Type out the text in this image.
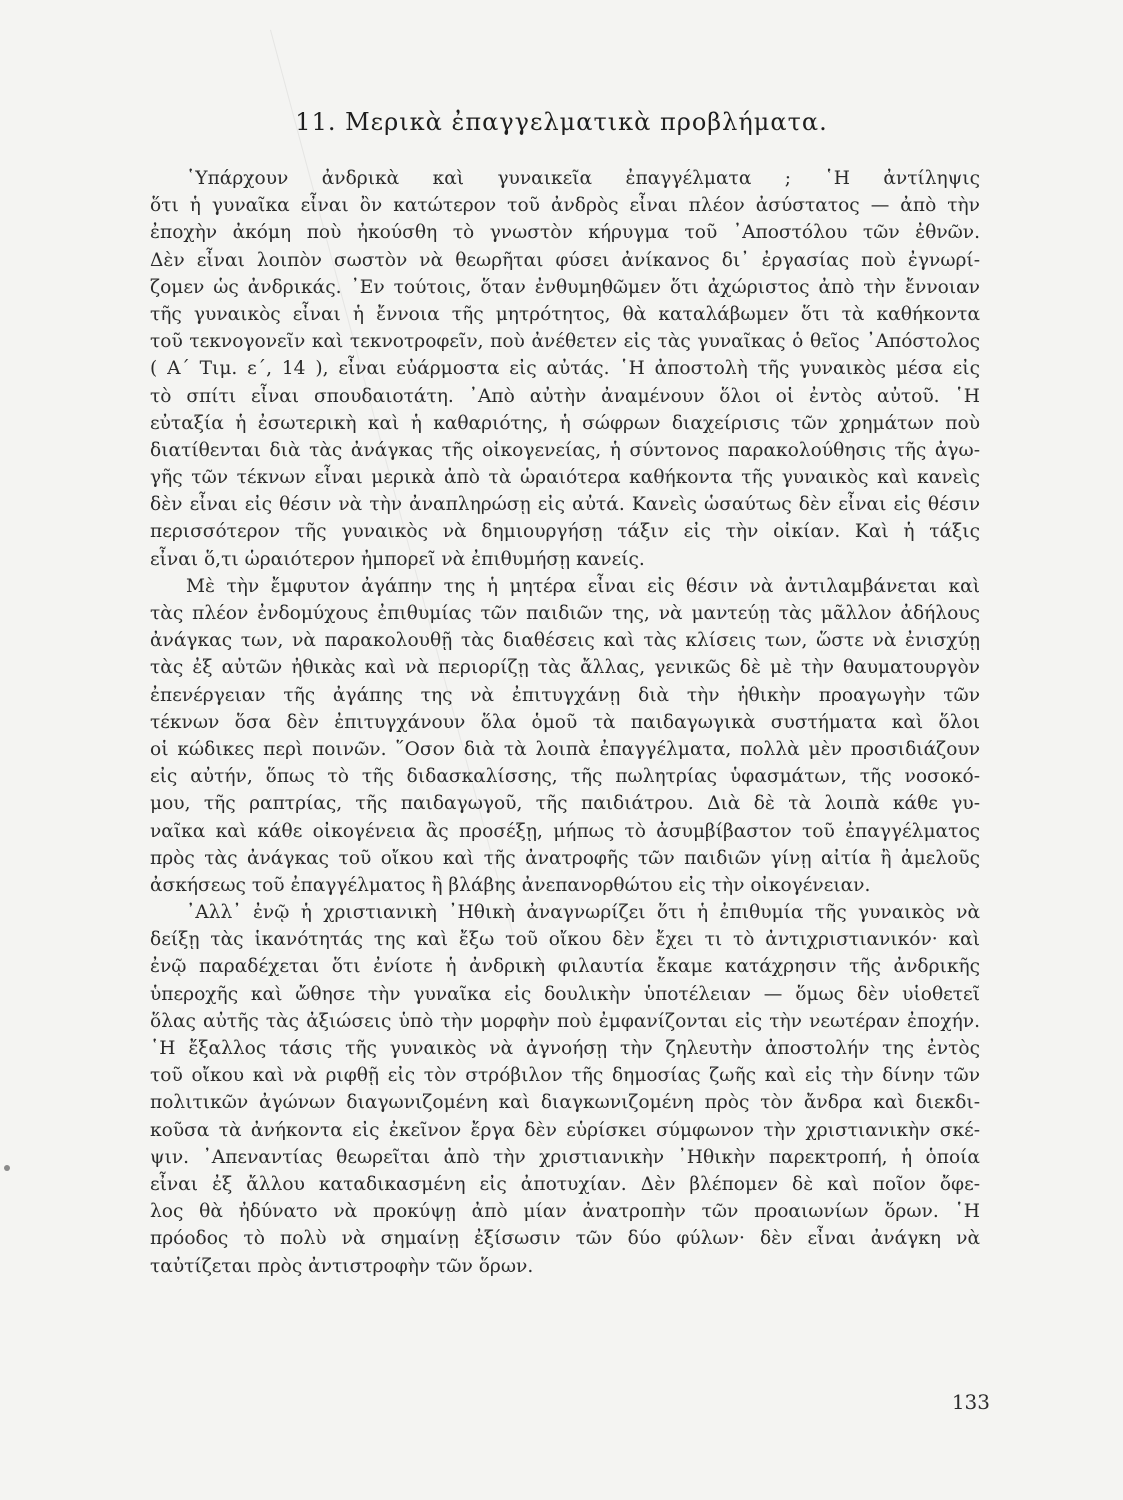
11. Μερικὰ ἐπαγγελματικὰ προβλήματα.
῾Υπάρχουν ἀνδρικὰ καὶ γυναικεῖα ἐπαγγέλματα ; ῾Η ἀντίληψις
ὅτι ἡ γυναῖκα εἶναι ὂν κατώτερον τοῦ ἀνδρὸς εἶναι πλέον ἀσύστατος — ἀπὸ τὴν
ἐποχὴν ἀκόμη ποὺ ἠκούσθη τὸ γνωστὸν κήρυγμα τοῦ ᾿Αποστόλου τῶν ἐθνῶν.
Δὲν εἶναι λοιπὸν σωστὸν νὰ θεωρῆται φύσει ἀνίκανος δι᾿ ἐργασίας ποὺ ἐγνωρί-
ζομεν ὡς ἀνδρικάς. ᾿Εν τούτοις, ὅταν ἐνθυμηθῶμεν ὅτι ἀχώριστος ἀπὸ τὴν ἔννοιαν
τῆς γυναικὸς εἶναι ἡ ἔννοια τῆς μητρότητος, θὰ καταλάβωμεν ὅτι τὰ καθήκοντα
τοῦ τεκνογονεῖν καὶ τεκνοτροφεῖν, ποὺ ἀνέθετεν εἰς τὰς γυναῖκας ὁ θεῖος ᾿Απόστολος
( Α´ Τιμ. ε´, 14 ), εἶναι εὐάρμοστα εἰς αὐτάς. ῾Η ἀποστολὴ τῆς γυναικὸς μέσα εἰς
τὸ σπίτι εἶναι σπουδαιοτάτη. ᾿Απὸ αὐτὴν ἀναμένουν ὅλοι οἱ ἐντὸς αὐτοῦ. ῾Η
εὐταξία ἡ ἐσωτερικὴ καὶ ἡ καθαριότης, ἡ σώφρων διαχείρισις τῶν χρημάτων ποὺ
διατίθενται διὰ τὰς ἀνάγκας τῆς οἰκογενείας, ἡ σύντονος παρακολούθησις τῆς ἀγω-
γῆς τῶν τέκνων εἶναι μερικὰ ἀπὸ τὰ ὡραιότερα καθήκοντα τῆς γυναικὸς καὶ κανεὶς
δὲν εἶναι εἰς θέσιν νὰ τὴν ἀναπληρώσῃ εἰς αὐτά. Κανεὶς ὡσαύτως δὲν εἶναι εἰς θέσιν
περισσότερον τῆς γυναικὸς νὰ δημιουργήσῃ τάξιν εἰς τὴν οἰκίαν. Καὶ ἡ τάξις
εἶναι ὅ,τι ὡραιότερον ἠμπορεῖ νὰ ἐπιθυμήσῃ κανείς.
Μὲ τὴν ἔμφυτον ἀγάπην της ἡ μητέρα εἶναι εἰς θέσιν νὰ ἀντιλαμβάνεται καὶ
τὰς πλέον ἐνδομύχους ἐπιθυμίας τῶν παιδιῶν της, νὰ μαντεύῃ τὰς μᾶλλον ἀδήλους
ἀνάγκας των, νὰ παρακολουθῇ τὰς διαθέσεις καὶ τὰς κλίσεις των, ὥστε νὰ ἐνισχύῃ
τὰς ἐξ αὐτῶν ἠθικὰς καὶ νὰ περιορίζῃ τὰς ἄλλας, γενικῶς δὲ μὲ τὴν θαυματουργὸν
ἐπενέργειαν τῆς ἀγάπης της νὰ ἐπιτυγχάνῃ διὰ τὴν ἠθικὴν προαγωγὴν τῶν
τέκνων ὅσα δὲν ἐπιτυγχάνουν ὅλα ὁμοῦ τὰ παιδαγωγικὰ συστήματα καὶ ὅλοι
οἱ κώδικες περὶ ποινῶν. ῞Οσον διὰ τὰ λοιπὰ ἐπαγγέλματα, πολλὰ μὲν προσιδιάζουν
εἰς αὐτήν, ὅπως τὸ τῆς διδασκαλίσσης, τῆς πωλητρίας ὑφασμάτων, τῆς νοσοκό-
μου, τῆς ραπτρίας, τῆς παιδαγωγοῦ, τῆς παιδιάτρου. Διὰ δὲ τὰ λοιπὰ κάθε γυ-
ναῖκα καὶ κάθε οἰκογένεια ἂς προσέξῃ, μήπως τὸ ἀσυμβίβαστον τοῦ ἐπαγγέλματος
πρὸς τὰς ἀνάγκας τοῦ οἴκου καὶ τῆς ἀνατροφῆς τῶν παιδιῶν γίνῃ αἰτία ἢ ἀμελοῦς
ἀσκήσεως τοῦ ἐπαγγέλματος ἢ βλάβης ἀνεπανορθώτου εἰς τὴν οἰκογένειαν.
᾿Αλλ᾿ ἐνῷ ἡ χριστιανικὴ ᾿Ηθικὴ ἀναγνωρίζει ὅτι ἡ ἐπιθυμία τῆς γυναικὸς νὰ
δείξῃ τὰς ἱκανότητάς της καὶ ἔξω τοῦ οἴκου δὲν ἔχει τι τὸ ἀντιχριστιανικόν· καὶ
ἐνῷ παραδέχεται ὅτι ἐνίοτε ἡ ἀνδρικὴ φιλαυτία ἔκαμε κατάχρησιν τῆς ἀνδρικῆς
ὑπεροχῆς καὶ ὤθησε τὴν γυναῖκα εἰς δουλικὴν ὑποτέλειαν — ὅμως δὲν υἱοθετεῖ
ὅλας αὐτῆς τὰς ἀξιώσεις ὑπὸ τὴν μορφὴν ποὺ ἐμφανίζονται εἰς τὴν νεωτέραν ἐποχήν.
῾Η ἔξαλλος τάσις τῆς γυναικὸς νὰ ἀγνοήσῃ τὴν ζηλευτὴν ἀποστολήν της ἐντὸς
τοῦ οἴκου καὶ νὰ ριφθῇ εἰς τὸν στρόβιλον τῆς δημοσίας ζωῆς καὶ εἰς τὴν δίνην τῶν
πολιτικῶν ἀγώνων διαγωνιζομένη καὶ διαγκωνιζομένη πρὸς τὸν ἄνδρα καὶ διεκδι-
κοῦσα τὰ ἀνήκοντα εἰς ἐκεῖνον ἔργα δὲν εὑρίσκει σύμφωνον τὴν χριστιανικὴν σκέ-
ψιν. ᾿Απεναντίας θεωρεῖται ἀπὸ τὴν χριστιανικὴν ᾿Ηθικὴν παρεκτροπή, ἡ ὁποία
εἶναι ἐξ ἄλλου καταδικασμένη εἰς ἀποτυχίαν. Δὲν βλέπομεν δὲ καὶ ποῖον ὄφε-
λος θὰ ἠδύνατο νὰ προκύψῃ ἀπὸ μίαν ἀνατροπὴν τῶν προαιωνίων ὅρων. ῾Η
πρόοδος τὸ πολὺ νὰ σημαίνῃ ἐξίσωσιν τῶν δύο φύλων· δὲν εἶναι ἀνάγκη νὰ
ταὐτίζεται πρὸς ἀντιστροφὴν τῶν ὅρων.
133
